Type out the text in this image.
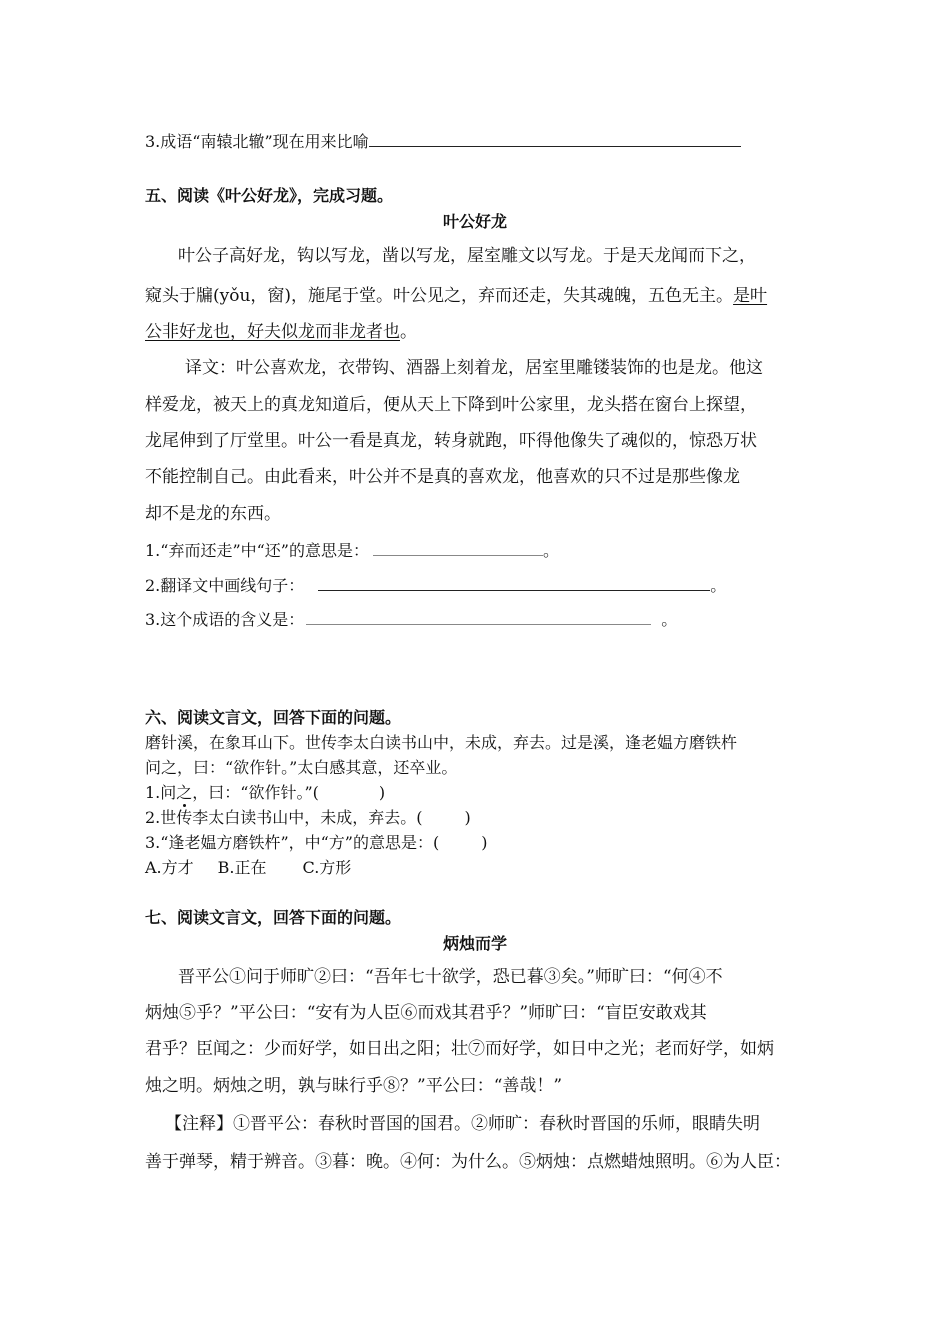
3.成语“南辕北辙”现在用来比喻
五、阅读《叶公好龙》，完成习题。
叶公好龙
叶公子高好龙，钩以写龙，凿以写龙，屋室雕文以写龙。于是天龙闻而下之，
窥头于牖(yǒu，窗)，施尾于堂。叶公见之，弃而还走，失其魂魄，五色无主。是叶
公非好龙也，好夫似龙而非龙者也。
译文：叶公喜欢龙，衣带钩、酒器上刻着龙，居室里雕镂装饰的也是龙。他这
样爱龙，被天上的真龙知道后，便从天上下降到叶公家里，龙头搭在窗台上探望，
龙尾伸到了厅堂里。叶公一看是真龙，转身就跑，吓得他像失了魂似的，惊恐万状
不能控制自己。由此看来，叶公并不是真的喜欢龙，他喜欢的只不过是那些像龙
却不是龙的东西。
1.“弃而还走”中“还”的意思是：	。
2.翻译文中画线句子：	。
3.这个成语的含义是：	。
六、阅读文言文，回答下面的问题。
磨针溪，在象耳山下。世传李太白读书山中，未成，弃去。过是溪，逢老媪方磨铁杵
问之，曰：“欲作针。”太白感其意，还卒业。
1.问之，曰：“欲作针。”(	)
2.世传李太白读书山中，未成，弃去。(	)
3.“逢老媪方磨铁杵”，中“方”的意思是：(	)
A.方才 B.正在 C.方形
七、阅读文言文，回答下面的问题。
炳烛而学
晋平公①问于师旷②曰：“吾年七十欲学，恐已暮③矣。”师旷曰：“何④不
炳烛⑤乎？”平公曰：“安有为人臣⑥而戏其君乎？”师旷曰：“盲臣安敢戏其
君乎？臣闻之：少而好学，如日出之阳；壮⑦而好学，如日中之光；老而好学，如炳
烛之明。炳烛之明，孰与昧行乎⑧？”平公曰：“善哉！”
【注释】①晋平公：春秋时晋国的国君。②师旷：春秋时晋国的乐师，眼睛失明
善于弹琴，精于辨音。③暮：晚。④何：为什么。⑤炳烛：点燃蜡烛照明。⑥为人臣：
